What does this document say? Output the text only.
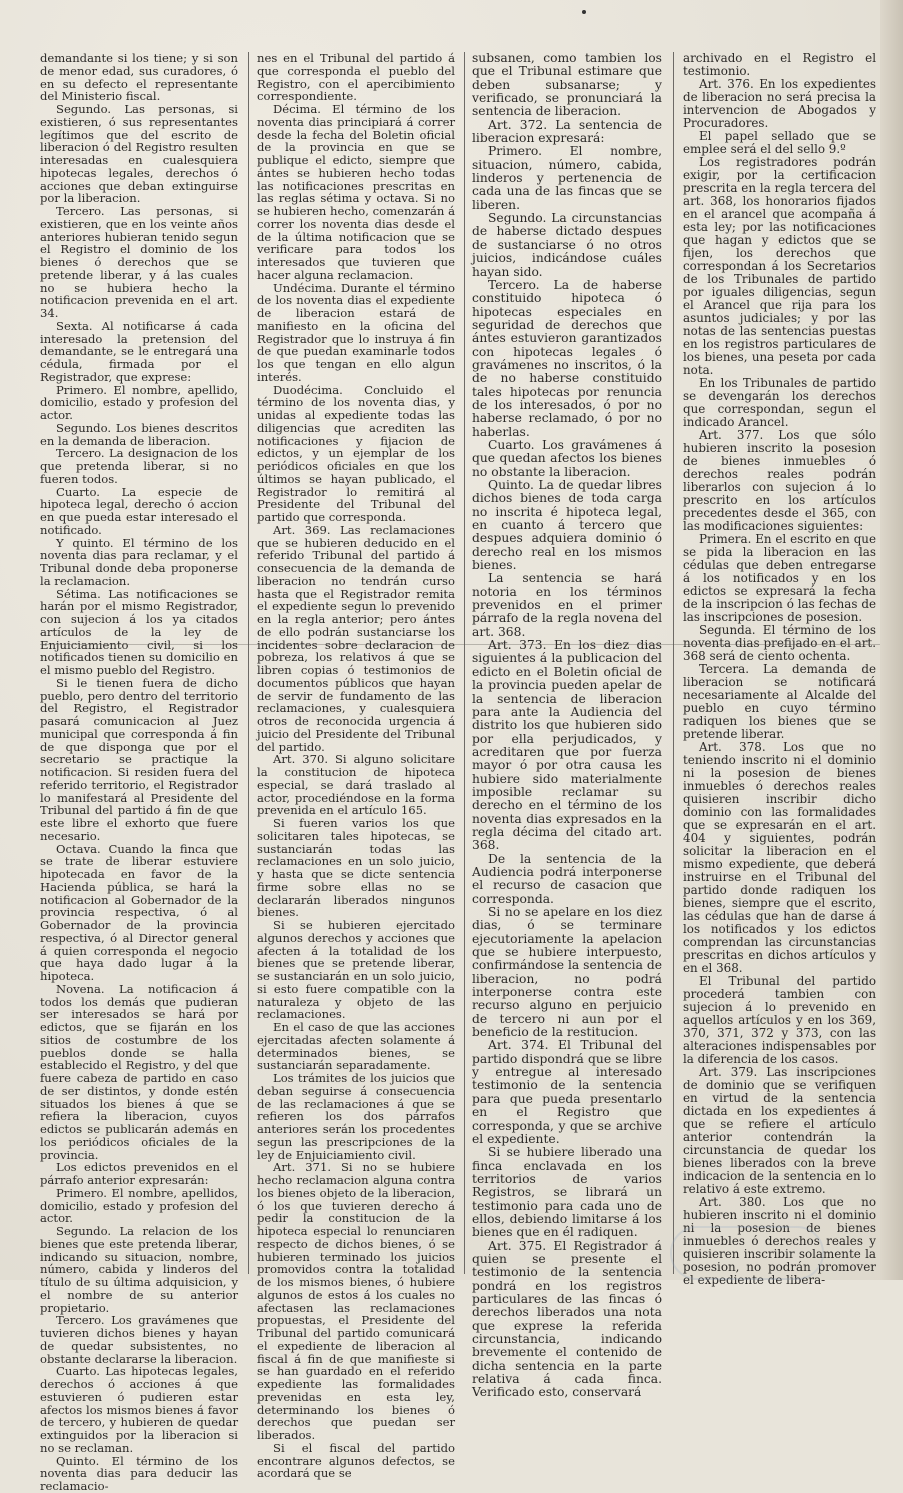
demandante si los tiene; y si son de menor edad, sus curadores, ó en su defecto el representante del Ministerio fiscal.

Segundo. Las personas, si existieren, ó sus representantes legítimos que del escrito de liberacion ó del Registro resulten interesadas en cualesquiera hipotecas legales, derechos ó acciones que deban extinguirse por la liberacion.

Tercero. Las personas, si existieren, que en los veinte años anteriores hubieran tenido segun el Registro el dominio de los bienes ó derechos que se pretende liberar, y á las cuales no se hubiera hecho la notificacion prevenida en el art. 34.

Sexta. Al notificarse á cada interesado la pretension del demandante, se le entregará una cédula, firmada por el Registrador, que exprese:

Primero. El nombre, apellido, domicilio, estado y profesion del actor.

Segundo. Los bienes descritos en la demanda de liberacion.

Tercero. La designacion de los que pretenda liberar, si no fueren todos.

Cuarto. La especie de hipoteca legal, derecho ó accion en que pueda estar interesado el notificado.

Y quinto. El término de los noventa dias para reclamar, y el Tribunal donde deba proponerse la reclamacion.

Sétima. Las notificaciones se harán por el mismo Registrador, con sujecion á los ya citados artículos de la ley de Enjuiciamiento civil, si los notificados tienen su domicilio en el mismo pueblo del Registro.

Si le tienen fuera de dicho pueblo, pero dentro del territorio del Registro, el Registrador pasará comunicacion al Juez municipal que corresponda á fin de que disponga que por el secretario se practique la notificacion. Si residen fuera del referido territorio, el Registrador lo manifestará al Presidente del Tribunal del partido á fin de que este libre el exhorto que fuere necesario.

Octava. Cuando la finca que se trate de liberar estuviere hipotecada en favor de la Hacienda pública, se hará la notificacion al Gobernador de la provincia respectiva, ó al Gobernador de la provincia respectiva, ó al Director general á quien corresponda el negocio que haya dado lugar á la hipoteca.

Novena. La notificacion á todos los demás que pudieran ser interesados se hará por edictos, que se fijarán en los sitios de costumbre de los pueblos donde se halla establecido el Registro, y del que fuere cabeza de partido en caso de ser distintos, y donde estén situados los bienes á que se refiera la liberacion, cuyos edictos se publicarán además en los periódicos oficiales de la provincia.

Los edictos prevenidos en el párrafo anterior expresarán:

Primero. El nombre, apellidos, domicilio, estado y profesion del actor.

Segundo. La relacion de los bienes que este pretenda liberar, indicando su situacion, nombre, número, cabida y linderos del título de su última adquisicion, y el nombre de su anterior propietario.

Tercero. Los gravámenes que tuvieren dichos bienes y hayan de quedar subsistentes, no obstante declararse la liberacion.

Cuarto. Las hipotecas legales, derechos ó acciones á que estuvieren ó pudieren estar afectos los mismos bienes á favor de tercero, y hubieren de quedar extinguidos por la liberacion si no se reclaman.

Quinto. El término de los noventa dias para deducir las reclamacio-

nes en el Tribunal del partido á que corresponda el pueblo del Registro, con el apercibimiento correspondiente.

Décima. El término de los noventa dias principiará á correr desde la fecha del Boletin oficial de la provincia en que se publique el edicto, siempre que ántes se hubieren hecho todas las notificaciones prescritas en las reglas sétima y octava. Si no se hubieren hecho, comenzarán á correr los noventa dias desde el de la última notificacion que se verificare para todos los interesados que tuvieren que hacer alguna reclamacion.

Undécima. Durante el término de los noventa dias el expediente de liberacion estará de manifiesto en la oficina del Registrador que lo instruya á fin de que puedan examinarle todos los que tengan en ello algun interés.

Duodécima. Concluido el término de los noventa dias, y unidas al expediente todas las diligencias que acrediten las notificaciones y fijacion de edictos, y un ejemplar de los periódicos oficiales en que los últimos se hayan publicado, el Registrador lo remitirá al Presidente del Tribunal del partido que corresponda.

Art. 369. Las reclamaciones que se hubieren deducido en el referido Tribunal del partido á consecuencia de la demanda de liberacion no tendrán curso hasta que el Registrador remita el expediente segun lo prevenido en la regla anterior; pero ántes de ello podrán sustanciarse los incidentes sobre declaracion de pobreza, los relativos á que se libren copias ó testimonios de documentos públicos que hayan de servir de fundamento de las reclamaciones, y cualesquiera otros de reconocida urgencia á juicio del Presidente del Tribunal del partido.

Art. 370. Si alguno solicitare la constitucion de hipoteca especial, se dará traslado al actor, procediéndose en la forma prevenida en el artículo 165.

Si fueren varios los que solicitaren tales hipotecas, se sustanciarán todas las reclamaciones en un solo juicio, y hasta que se dicte sentencia firme sobre ellas no se declararán liberados ningunos bienes.

Si se hubieren ejercitado algunos derechos y acciones que afecten á la totalidad de los bienes que se pretende liberar, se sustanciarán en un solo juicio, si esto fuere compatible con la naturaleza y objeto de las reclamaciones.

En el caso de que las acciones ejercitadas afecten solamente á determinados bienes, se sustanciarán separadamente.

Los trámites de los juicios que deban seguirse á consecuencia de las reclamaciones á que se refieren los dos párrafos anteriores serán los procedentes segun las prescripciones de la ley de Enjuiciamiento civil.

Art. 371. Si no se hubiere hecho reclamacion alguna contra los bienes objeto de la liberacion, ó los que tuvieren derecho á pedir la constitucion de la hipoteca especial lo renunciaren respecto de dichos bienes, ó se hubieren terminado los juicios promovidos contra la totalidad de los mismos bienes, ó hubiere algunos de estos á los cuales no afectasen las reclamaciones propuestas, el Presidente del Tribunal del partido comunicará el expediente de liberacion al fiscal á fin de que manifieste si se han guardado en el referido expediente las formalidades prevenidas en esta ley, determinando los bienes ó derechos que puedan ser liberados.

Si el fiscal del partido encontrare algunos defectos, se acordará que se

subsanen, como tambien los que el Tribunal estimare que deben subsanarse; y verificado, se pronunciará la sentencia de liberacion.

Art. 372. La sentencia de liberacion expresará:

Primero. El nombre, situacion, número, cabida, linderos y pertenencia de cada una de las fincas que se liberen.

Segundo. La circunstancias de haberse dictado despues de sustanciarse ó no otros juicios, indicándose cuáles hayan sido.

Tercero. La de haberse constituido hipoteca ó hipotecas especiales en seguridad de derechos que ántes estuvieron garantizados con hipotecas legales ó gravámenes no inscritos, ó la de no haberse constituido tales hipotecas por renuncia de los interesados, ó por no haberse reclamado, ó por no haberlas.

Cuarto. Los gravámenes á que quedan afectos los bienes no obstante la liberacion.

Quinto. La de quedar libres dichos bienes de toda carga no inscrita é hipoteca legal, en cuanto á tercero que despues adquiera dominio ó derecho real en los mismos bienes.

La sentencia se hará notoria en los términos prevenidos en el primer párrafo de la regla novena del art. 368.

Art. 373. En los diez dias siguientes á la publicacion del edicto en el Boletin oficial de la provincia pueden apelar de la sentencia de liberacion para ante la Audiencia del distrito los que hubieren sido por ella perjudicados, y acreditaren que por fuerza mayor ó por otra causa les hubiere sido materialmente imposible reclamar su derecho en el término de los noventa dias expresados en la regla décima del citado art. 368.

De la sentencia de la Audiencia podrá interponerse el recurso de casacion que corresponda.

Si no se apelare en los diez dias, ó se terminare ejecutoriamente la apelacion que se hubiere interpuesto, confirmándose la sentencia de liberacion, no podrá interponerse contra este recurso alguno en perjuicio de tercero ni aun por el beneficio de la restitucion.

Art. 374. El Tribunal del partido dispondrá que se libre y entregue al interesado testimonio de la sentencia para que pueda presentarlo en el Registro que corresponda, y que se archive el expediente.

Si se hubiere liberado una finca enclavada en los territorios de varios Registros, se librará un testimonio para cada uno de ellos, debiendo limitarse á los bienes que en él radiquen.

Art. 375. El Registrador á quien se presente el testimonio de la sentencia pondrá en los registros particulares de las fincas ó derechos liberados una nota que exprese la referida circunstancia, indicando brevemente el contenido de dicha sentencia en la parte relativa á cada finca. Verificado esto, conservará

archivado en el Registro el testimonio.

Art. 376. En los expedientes de liberacion no será precisa la intervencion de Abogados y Procuradores.

El papel sellado que se emplee será el del sello 9.º

Los registradores podrán exigir, por la certificacion prescrita en la regla tercera del art. 368, los honorarios fijados en el arancel que acompaña á esta ley; por las notificaciones que hagan y edictos que se fijen, los derechos que correspondan á los Secretarios de los Tribunales de partido por iguales diligencias, segun el Arancel que rija para los asuntos judiciales; y por las notas de las sentencias puestas en los registros particulares de los bienes, una peseta por cada nota.

En los Tribunales de partido se devengarán los derechos que correspondan, segun el indicado Arancel.

Art. 377. Los que sólo hubieren inscrito la posesion de bienes inmuebles ó derechos reales podrán liberarlos con sujecion á lo prescrito en los artículos precedentes desde el 365, con las modificaciones siguientes:

Primera. En el escrito en que se pida la liberacion en las cédulas que deben entregarse á los notificados y en los edictos se expresará la fecha de la inscripcion ó las fechas de las inscripciones de posesion.

Segunda. El término de los noventa dias prefijado en el art. 368 será de ciento ochenta.

Tercera. La demanda de liberacion se notificará necesariamente al Alcalde del pueblo en cuyo término radiquen los bienes que se pretende liberar.

Art. 378. Los que no teniendo inscrito ni el dominio ni la posesion de bienes inmuebles ó derechos reales quisieren inscribir dicho dominio con las formalidades que se expresarán en el art. 404 y siguientes, podrán solicitar la liberacion en el mismo expediente, que deberá instruirse en el Tribunal del partido donde radiquen los bienes, siempre que el escrito, las cédulas que han de darse á los notificados y los edictos comprendan las circunstancias prescritas en dichos artículos y en el 368.

El Tribunal del partido procederá tambien con sujecion á lo prevenido en aquellos artículos y en los 369, 370, 371, 372 y 373, con las alteraciones indispensables por la diferencia de los casos.

Art. 379. Las inscripciones de dominio que se verifiquen en virtud de la sentencia dictada en los expedientes á que se refiere el artículo anterior contendrán la circunstancia de quedar los bienes liberados con la breve indicacion de la sentencia en lo relativo á este extremo.

Art. 380. Los que no hubieren inscrito ni el dominio ni la posesion de bienes inmuebles ó derechos reales y quisieren inscribir solamente la posesion, no podrán promover el expediente de libera-
